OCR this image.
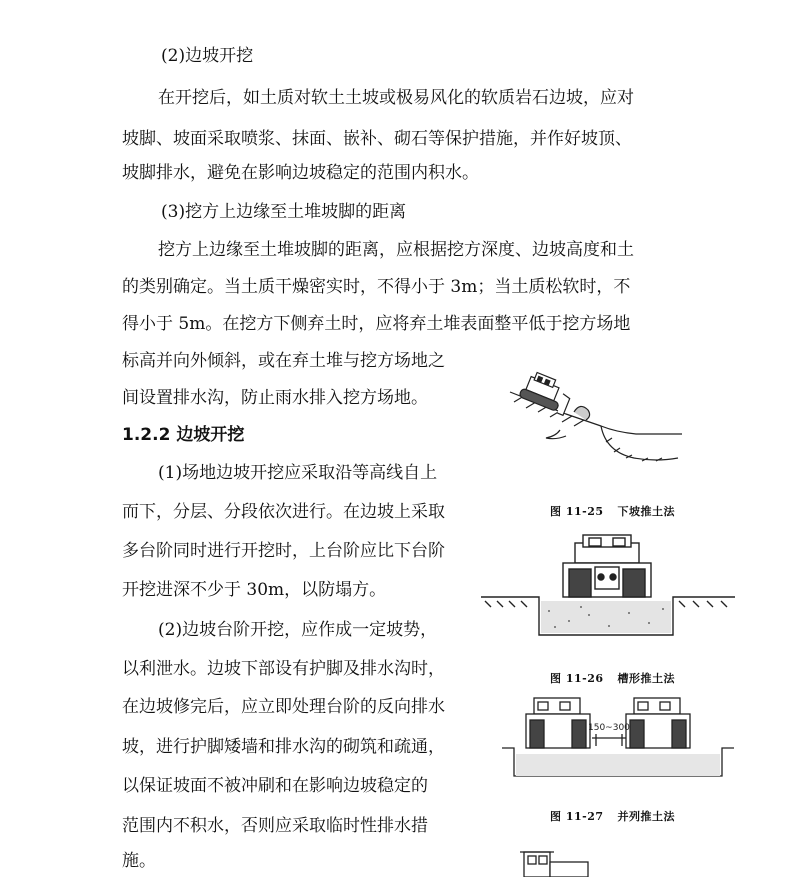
(2)边坡开挖
在开挖后，如土质对软土土坡或极易风化的软质岩石边坡，应对
坡脚、坡面采取喷浆、抹面、嵌补、砌石等保护措施，并作好坡顶、
坡脚排水，避免在影响边坡稳定的范围内积水。
(3)挖方上边缘至土堆坡脚的距离
挖方上边缘至土堆坡脚的距离，应根据挖方深度、边坡高度和土
的类别确定。当土质干燥密实时，不得小于 3m；当土质松软时，不
得小于 5m。在挖方下侧弃土时，应将弃土堆表面整平低于挖方场地
标高并向外倾斜，或在弃土堆与挖方场地之
间设置排水沟，防止雨水排入挖方场地。
1.2.2 边坡开挖
(1)场地边坡开挖应采取沿等高线自上
而下，分层、分段依次进行。在边坡上采取
多台阶同时进行开挖时，上台阶应比下台阶
开挖进深不少于 30m，以防塌方。
(2)边坡台阶开挖，应作成一定坡势，
以利泄水。边坡下部设有护脚及排水沟时，
在边坡修完后，应立即处理台阶的反向排水
坡，进行护脚矮墙和排水沟的砌筑和疏通，
以保证坡面不被冲刷和在影响边坡稳定的
范围内不积水，否则应采取临时性排水措
施。
图 11-25 下坡推土法
图 11-26 槽形推土法
150~300
图 11-27 并列推土法
